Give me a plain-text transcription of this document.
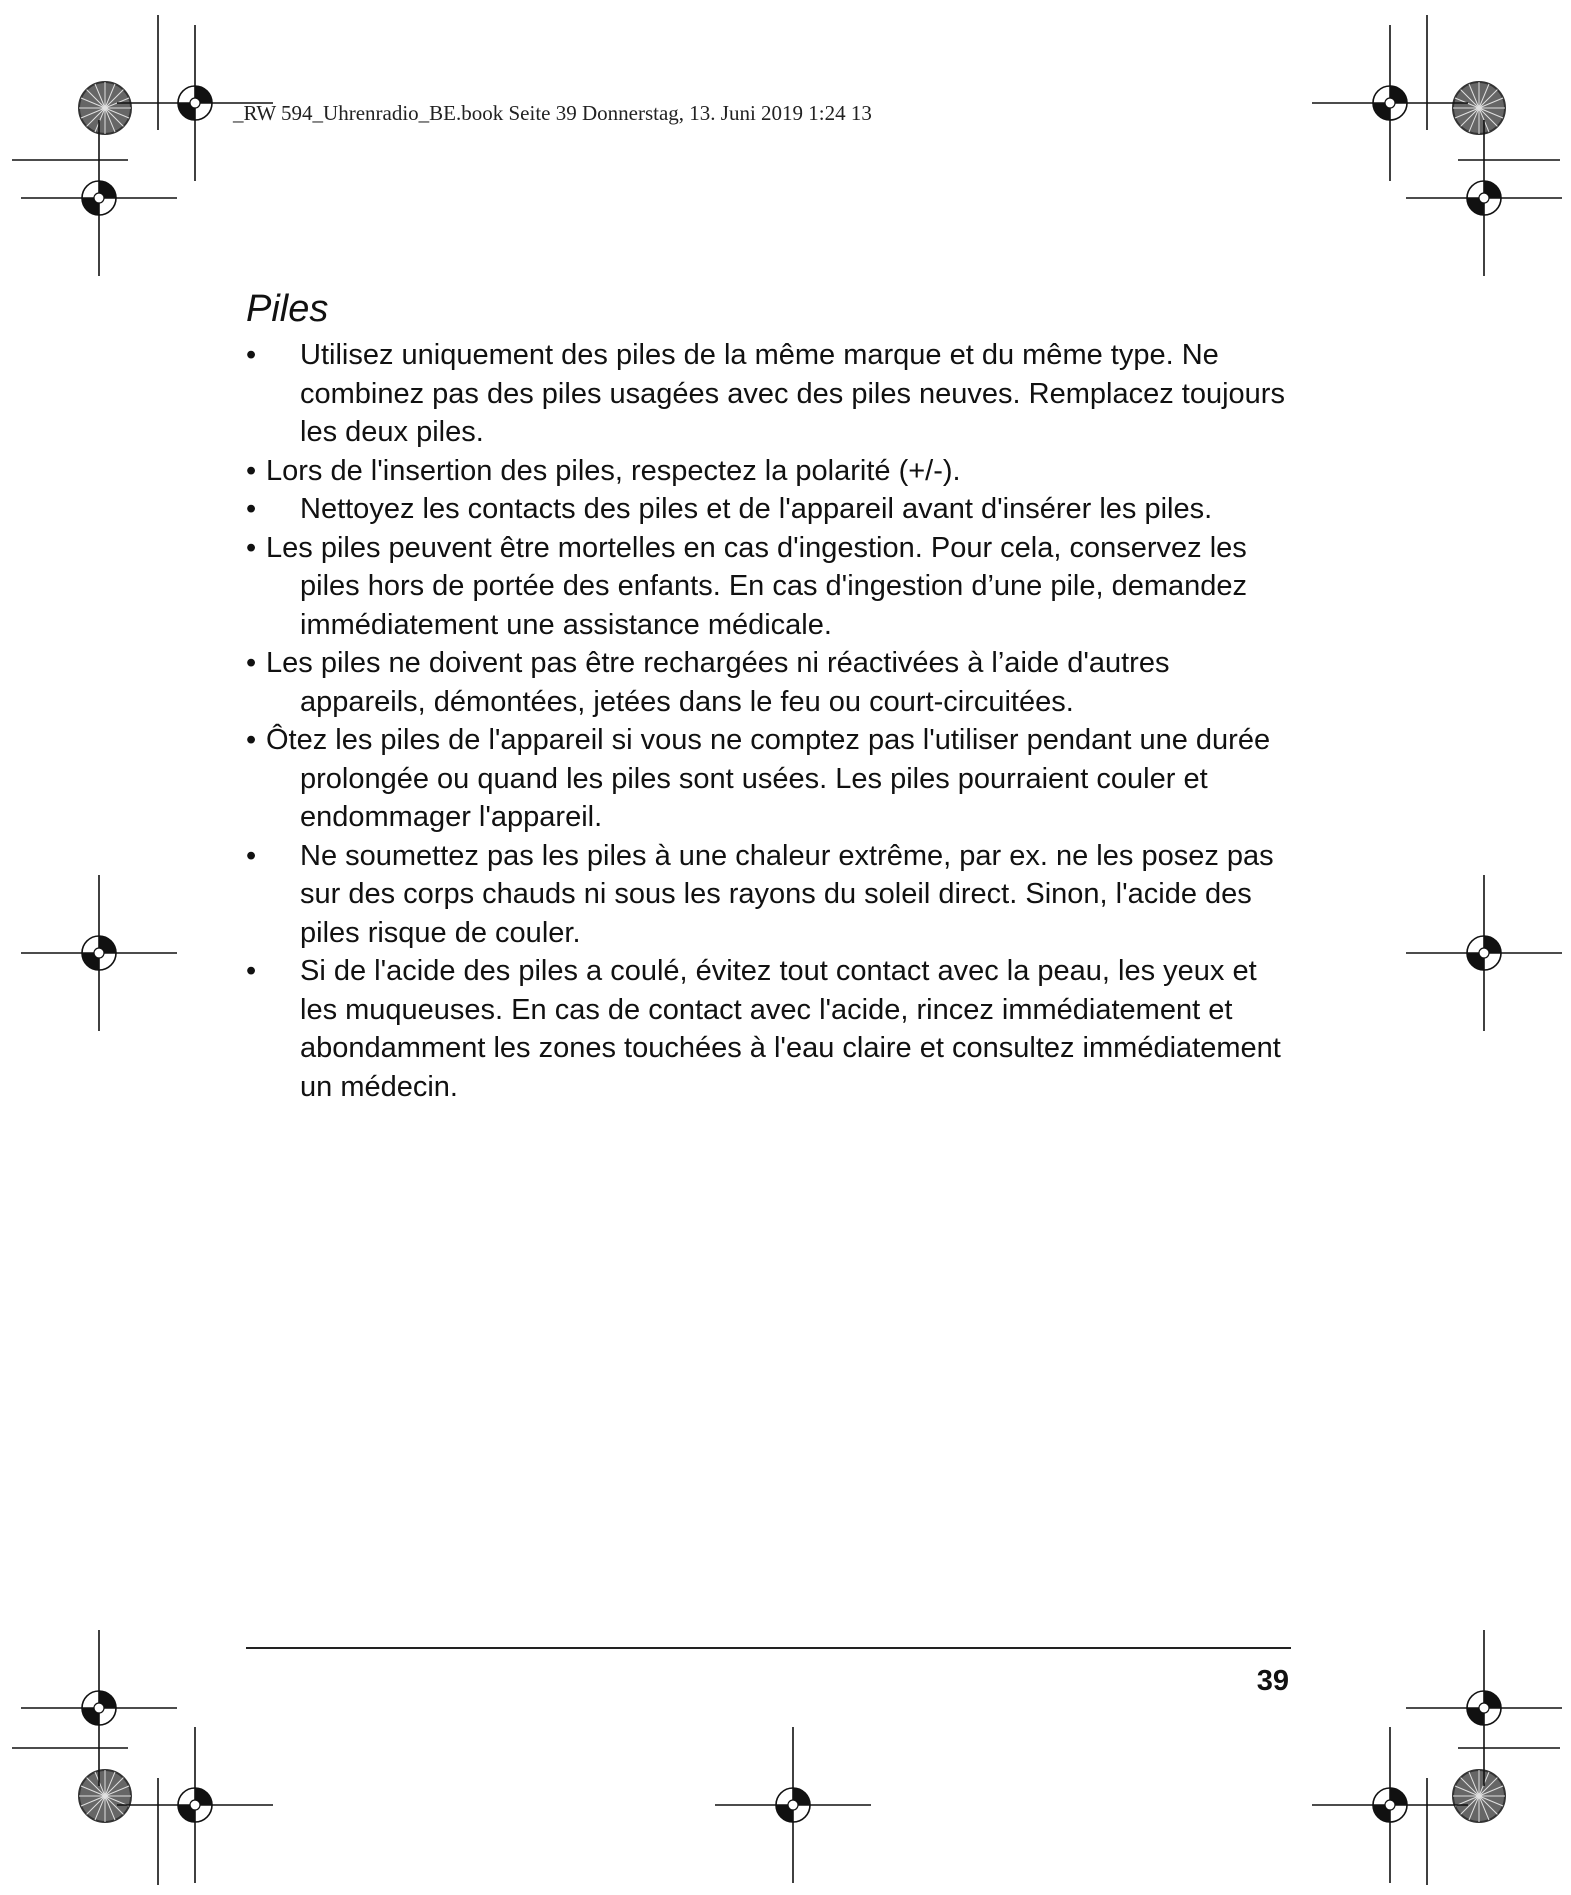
_RW 594_Uhrenradio_BE.book Seite 39 Donnerstag, 13. Juni 2019 1:24 13
Piles
• Utilisez uniquement des piles de la même marque et du même type. Ne combinez pas des piles usagées avec des piles neuves. Remplacez toujours les deux piles.
• Lors de l'insertion des piles, respectez la polarité (+/-).
• Nettoyez les contacts des piles et de l'appareil avant d'insérer les piles.
• Les piles peuvent être mortelles en cas d'ingestion. Pour cela, conservez les piles hors de portée des enfants. En cas d'ingestion d’une pile, demandez immédiatement une assistance médicale.
• Les piles ne doivent pas être rechargées ni réactivées à l’aide d'autres appareils, démontées, jetées dans le feu ou court-circuitées.
• Ôtez les piles de l'appareil si vous ne comptez pas l'utiliser pendant une durée prolongée ou quand les piles sont usées. Les piles pourraient couler et endommager l'appareil.
• Ne soumettez pas les piles à une chaleur extrême, par ex. ne les posez pas sur des corps chauds ni sous les rayons du soleil direct. Sinon, l'acide des piles risque de couler.
• Si de l'acide des piles a coulé, évitez tout contact avec la peau, les yeux et les muqueuses. En cas de contact avec l'acide, rincez immédiatement et abondamment les zones touchées à l'eau claire et consultez immédiatement un médecin.
39
